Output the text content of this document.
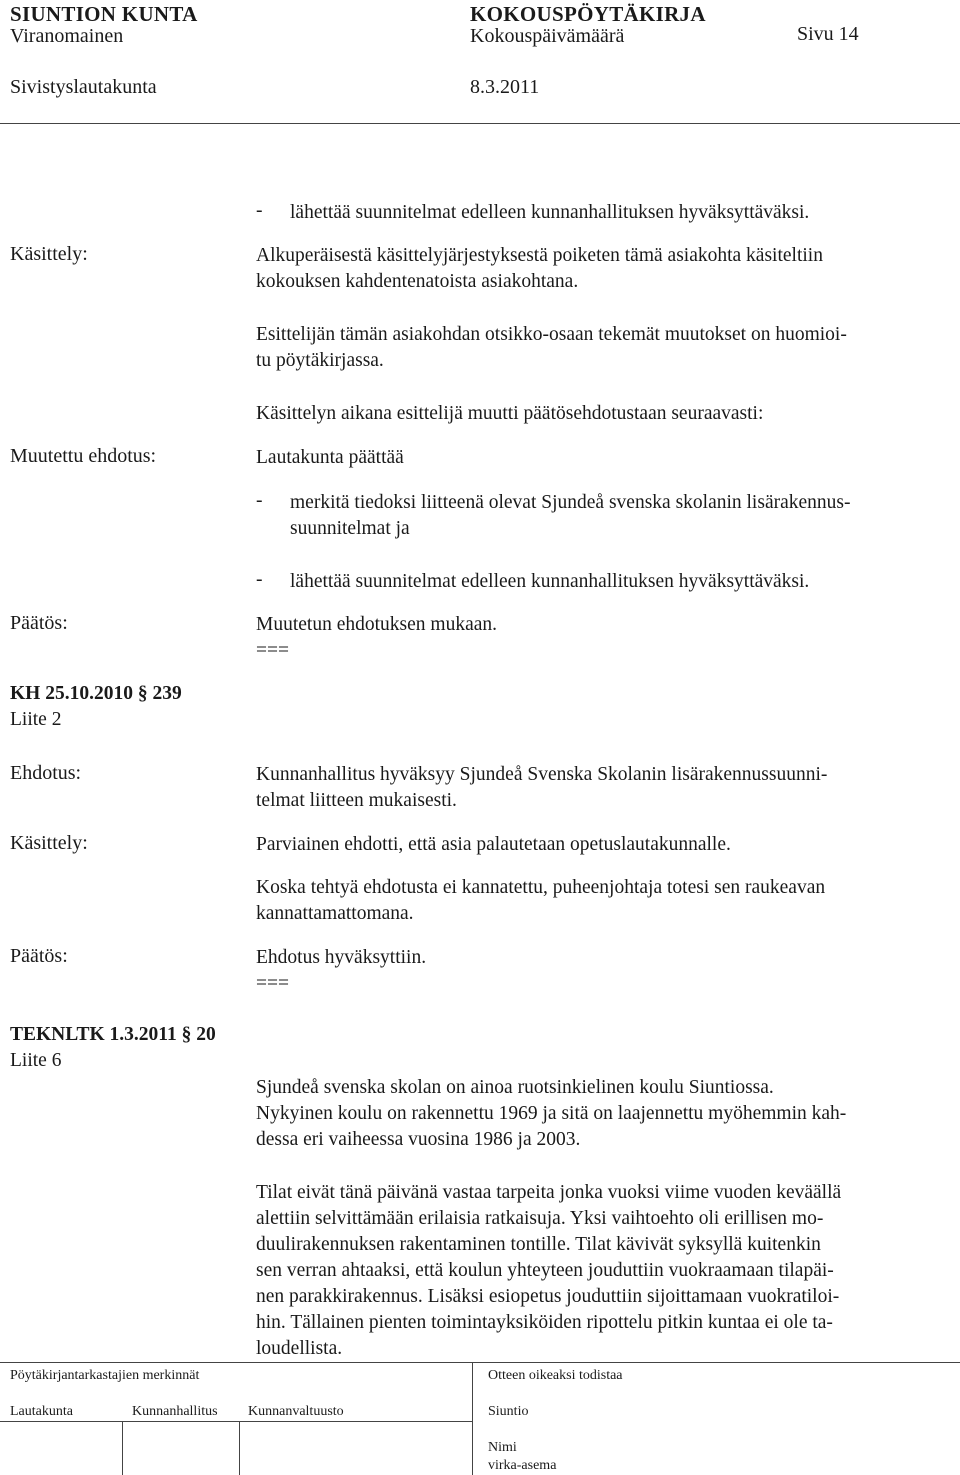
SIUNTION KUNTA	KOKOUSPÖYTÄKIRJA
Viranomainen	Kokouspäivämäärä	Sivu 14
Sivistyslautakunta	8.3.2011
- lähettää suunnitelmat edelleen kunnanhallituksen hyväksyttäväksi.
Käsittely:	Alkuperäisestä käsittelyjärjestyksestä poiketen tämä asiakohta käsiteltiin
kokouksen kahdentenatoista asiakohtana.
Esittelijän tämän asiakohdan otsikko-osaan tekemät muutokset on huomioi-
tu pöytäkirjassa.
Käsittelyn aikana esittelijä muutti päätösehdotustaan seuraavasti:
Muutettu ehdotus:	Lautakunta päättää
- merkitä tiedoksi liitteenä olevat Sjundeå svenska skolanin lisärakennus-
suunnitelmat ja
- lähettää suunnitelmat edelleen kunnanhallituksen hyväksyttäväksi.
Päätös:	Muutetun ehdotuksen mukaan.
===
KH 25.10.2010 § 239
Liite 2
Ehdotus:	Kunnanhallitus hyväksyy Sjundeå Svenska Skolanin lisärakennussuunni-
telmat liitteen mukaisesti.
Käsittely:	Parviainen ehdotti, että asia palautetaan opetuslautakunnalle.
Koska tehtyä ehdotusta ei kannatettu, puheenjohtaja totesi sen raukeavan
kannattamattomana.
Päätös:	Ehdotus hyväksyttiin.
===
TEKNLTK 1.3.2011 § 20
Liite 6
Sjundeå svenska skolan on ainoa ruotsinkielinen koulu Siuntiossa.
Nykyinen koulu on rakennettu 1969 ja sitä on laajennettu myöhemmin kah-
dessa eri vaiheessa vuosina 1986 ja 2003.
Tilat eivät tänä päivänä vastaa tarpeita jonka vuoksi viime vuoden keväällä
alettiin selvittämään erilaisia ratkaisuja. Yksi vaihtoehto oli erillisen mo-
duulirakennuksen rakentaminen tontille. Tilat kävivät syksyllä kuitenkin
sen verran ahtaaksi, että koulun yhteyteen jouduttiin vuokraamaan tilapäi-
nen parakkirakennus. Lisäksi esiopetus jouduttiin sijoittamaan vuokratiloi-
hin. Tällainen pienten toimintayksiköiden ripottelu pitkin kuntaa ei ole ta-
loudellista.
Pöytäkirjantarkastajien merkinnät	Otteen oikeaksi todistaa
Lautakunta	Kunnanhallitus Kunnanvaltuusto	Siuntio
Nimi
virka-asema
